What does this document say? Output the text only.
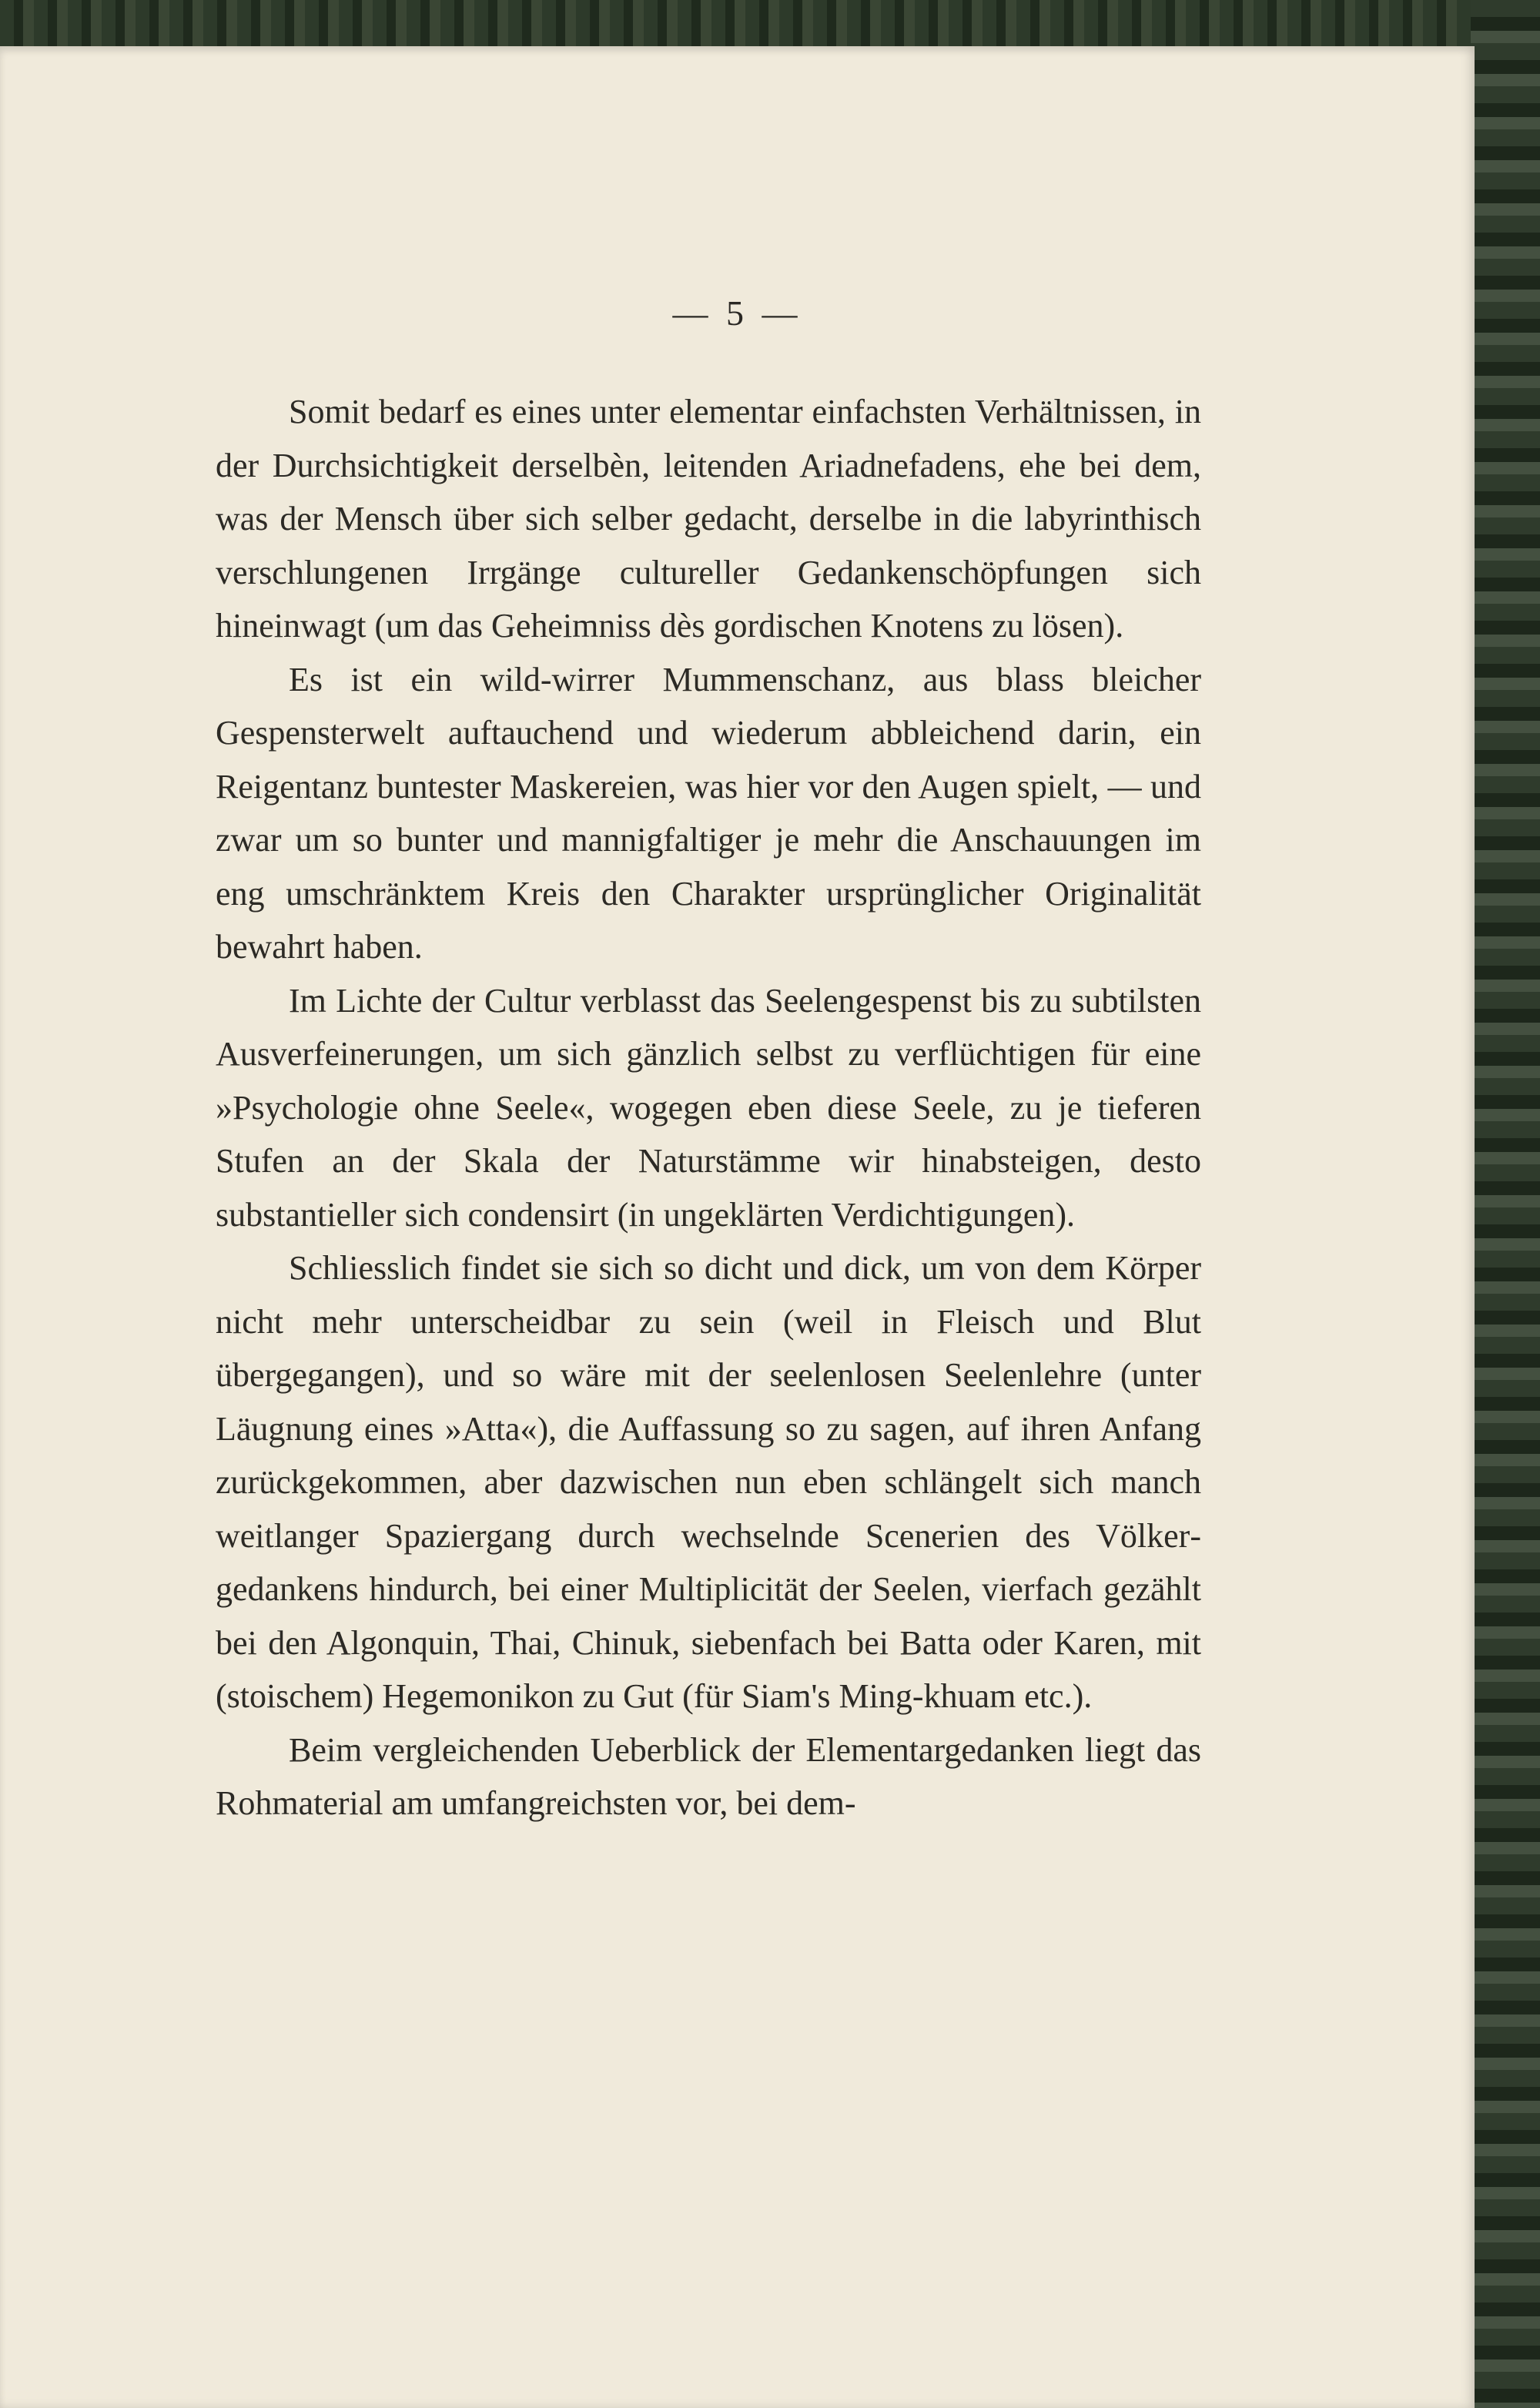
— 5 —

Somit bedarf es eines unter elementar einfachsten Verhältnissen, in der Durchsichtigkeit derselbèn, leitenden Ariadnefadens, ehe bei dem, was der Mensch über sich selber gedacht, derselbe in die labyrinthisch verschlungenen Irrgänge cultureller Gedankenschöpfungen sich hineinwagt (um das Geheimniss dès gordischen Knotens zu lösen).

Es ist ein wild-wirrer Mummenschanz, aus blass bleicher Gespensterwelt auftauchend und wiederum abbleichend darin, ein Reigentanz buntester Maskereien, was hier vor den Augen spielt, — und zwar um so bunter und mannigfaltiger je mehr die Anschauungen im eng umschränktem Kreis den Charakter ursprünglicher Originalität bewahrt haben.

Im Lichte der Cultur verblasst das Seelengespenst bis zu subtilsten Ausverfeinerungen, um sich gänzlich selbst zu verflüchtigen für eine »Psychologie ohne Seele«, wogegen eben diese Seele, zu je tieferen Stufen an der Skala der Naturstämme wir hinabsteigen, desto substantieller sich condensirt (in ungeklärten Verdichtigungen).

Schliesslich findet sie sich so dicht und dick, um von dem Körper nicht mehr unterscheidbar zu sein (weil in Fleisch und Blut übergegangen), und so wäre mit der seelenlosen Seelenlehre (unter Läugnung eines »Atta«), die Auffassung so zu sagen, auf ihren Anfang zurückgekommen, aber dazwischen nun eben schlängelt sich manch weitlanger Spaziergang durch wechselnde Scenerien des Völkergedankens hindurch, bei einer Multiplicität der Seelen, vierfach gezählt bei den Algonquin, Thai, Chinuk, siebenfach bei Batta oder Karen, mit (stoischem) Hegemonikon zu Gut (für Siam's Ming-khuam etc.).

Beim vergleichenden Ueberblick der Elementargedanken liegt das Rohmaterial am umfangreichsten vor, bei dem-
